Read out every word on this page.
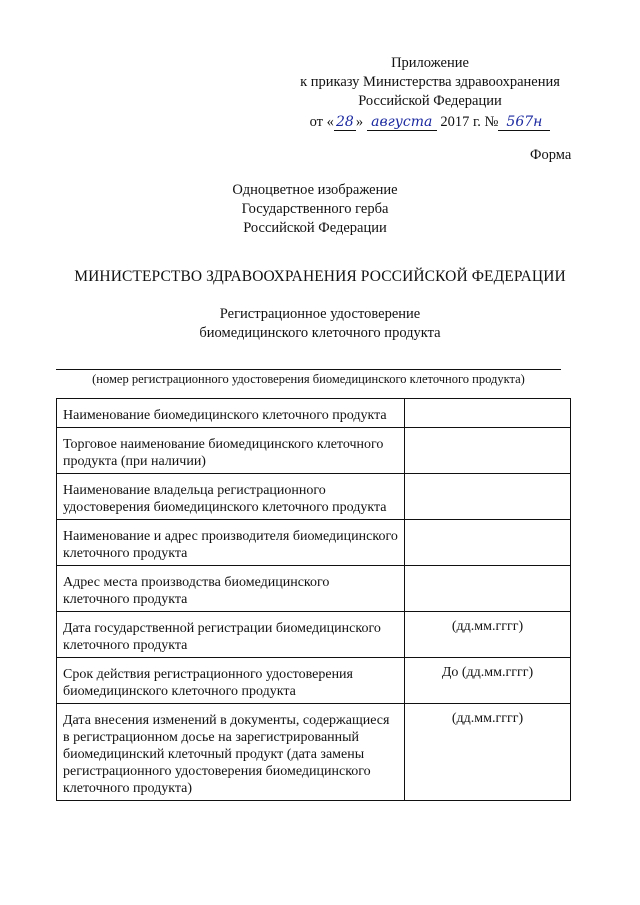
Приложение
к приказу Министерства здравоохранения
Российской Федерации
от « 28 » августа 2017 г. № 567н
Форма
Одноцветное изображение
Государственного герба
Российской Федерации
МИНИСТЕРСТВО ЗДРАВООХРАНЕНИЯ РОССИЙСКОЙ ФЕДЕРАЦИИ
Регистрационное удостоверение
биомедицинского клеточного продукта
(номер регистрационного удостоверения биомедицинского клеточного продукта)
Наименование биомедицинского клеточного продукта	
Торговое наименование биомедицинского клеточного продукта (при наличии)	
Наименование владельца регистрационного удостоверения биомедицинского клеточного продукта	
Наименование и адрес производителя биомедицинского клеточного продукта	
Адрес места производства биомедицинского клеточного продукта	
Дата государственной регистрации биомедицинского клеточного продукта	(дд.мм.гггг)
Срок действия регистрационного удостоверения биомедицинского клеточного продукта	До (дд.мм.гггг)
Дата внесения изменений в документы, содержащиеся в регистрационном досье на зарегистрированный биомедицинский клеточный продукт (дата замены регистрационного удостоверения биомедицинского клеточного продукта)	(дд.мм.гггг)
